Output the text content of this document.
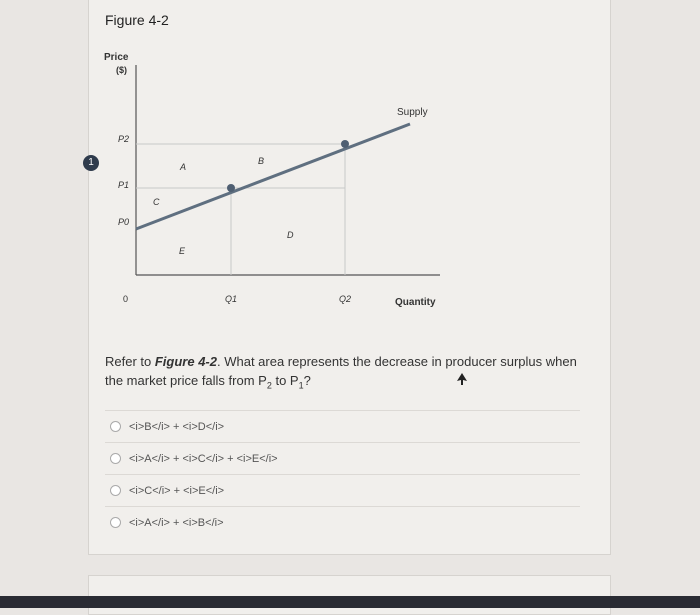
1
Figure 4-2
Price
($)
Quantity
Supply
P2
P1
P0
0	Q1	Q2
A
B
C
D
E

Refer to Figure 4-2. What area represents the decrease in producer surplus when the market price falls from $P_2$ to $P_1$?

<i>B</i> + <i>D</i>
<i>A</i> + <i>C</i> + <i>E</i>
<i>C</i> + <i>E</i>
<i>A</i> + <i>B</i>
